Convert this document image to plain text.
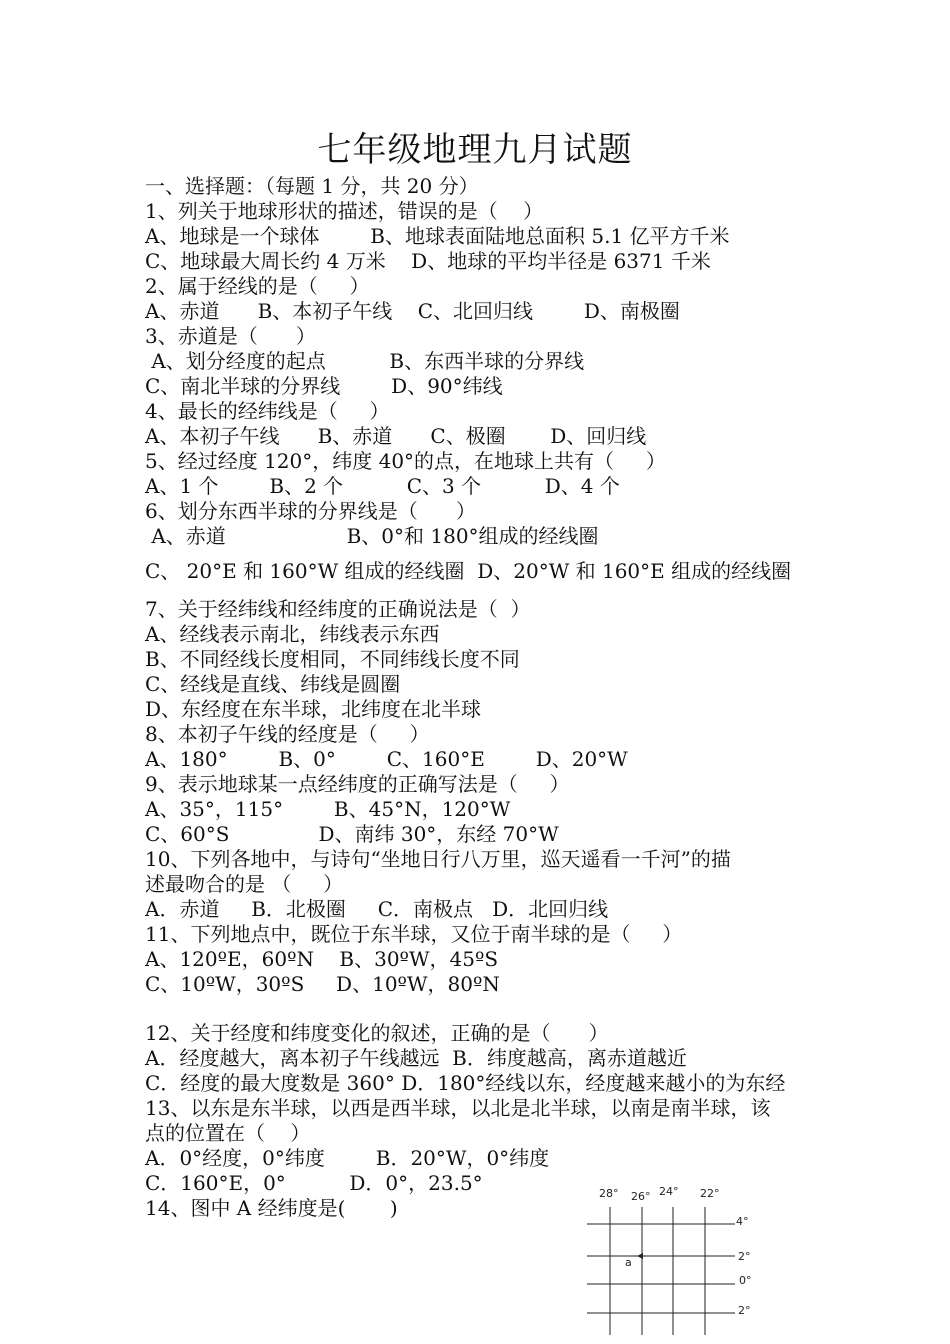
七年级地理九月试题
一、选择题：（每题 1 分，共 20 分）
1、列关于地球形状的描述，错误的是（    ）
A、地球是一个球体        B、地球表面陆地总面积 5.1 亿平方千米
C、地球最大周长约 4 万米    D、地球的平均半径是 6371 千米
2、属于经线的是（     ）
A、赤道      B、本初子午线    C、北回归线        D、南极圈
3、赤道是（      ）
A、划分经度的起点          B、东西半球的分界线
C、南北半球的分界线        D、90°纬线
4、最长的经纬线是（     ）
A、本初子午线      B、赤道      C、极圈       D、回归线
5、经过经度 120°，纬度 40°的点，在地球上共有（     ）
A、1 个        B、2 个          C、3 个          D、4 个
6、划分东西半球的分界线是（      ）
A、赤道                   B、0°和 180°组成的经线圈
C、 20°E 和 160°W 组成的经线圈  D、20°W 和 160°E 组成的经线圈
7、关于经纬线和经纬度的正确说法是（  ）
A、经线表示南北，纬线表示东西
B、不同经线长度相同，不同纬线长度不同
C、经线是直线、纬线是圆圈
D、东经度在东半球，北纬度在北半球
8、本初子午线的经度是（     ）
A、180°        B、0°        C、160°E        D、20°W
9、表示地球某一点经纬度的正确写法是（     ）
A、35°，115°        B、45°N，120°W
C、60°S              D、南纬 30°，东经 70°W
10、下列各地中，与诗句“坐地日行八万里，巡天遥看一千河”的描
述最吻合的是 （     ）
A．赤道     B．北极圈     C．南极点   D．北回归线
11、下列地点中，既位于东半球，又位于南半球的是（     ）
A、120ºE，60ºN    B、30ºW，45ºS
C、10ºW，30ºS     D、10ºW，80ºN
12、关于经度和纬度变化的叙述，正确的是（      ）
A．经度越大，离本初子午线越远  B．纬度越高，离赤道越近
C．经度的最大度数是 360° D．180°经线以东，经度越来越小的为东经
13、以东是东半球，以西是西半球，以北是北半球，以南是南半球，该
点的位置在（    ）
A．0°经度，0°纬度        B．20°W，0°纬度
C．160°E，0°          D．0°，23.5°
14、图中 A 经纬度是(       )
28° 26° 24° 22°
4°
2°
0°
2°
a
